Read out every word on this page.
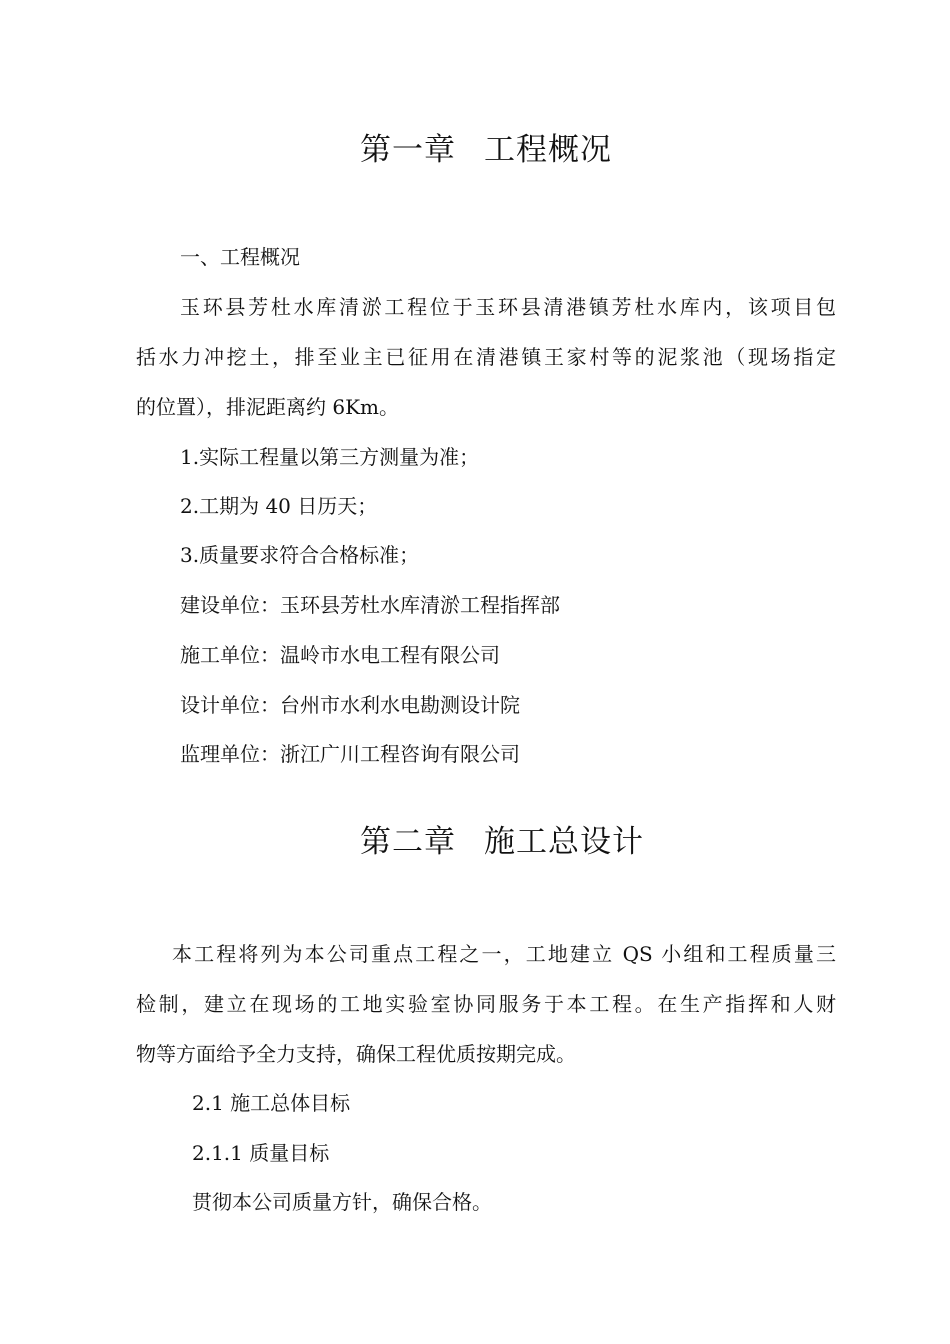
第一章 工程概况
一、工程概况
玉环县芳杜水库清淤工程位于玉环县清港镇芳杜水库内，该项目包
括水力冲挖土，排至业主已征用在清港镇王家村等的泥浆池（现场指定
的位置），排泥距离约 6Km。
1.实际工程量以第三方测量为准；
2.工期为 40 日历天；
3.质量要求符合合格标准；
建设单位：玉环县芳杜水库清淤工程指挥部
施工单位：温岭市水电工程有限公司
设计单位：台州市水利水电勘测设计院
监理单位：浙江广川工程咨询有限公司
第二章 施工总设计
本工程将列为本公司重点工程之一，工地建立 QS 小组和工程质量三
检制，建立在现场的工地实验室协同服务于本工程。在生产指挥和人财
物等方面给予全力支持，确保工程优质按期完成。
2.1 施工总体目标
2.1.1 质量目标
贯彻本公司质量方针，确保合格。
